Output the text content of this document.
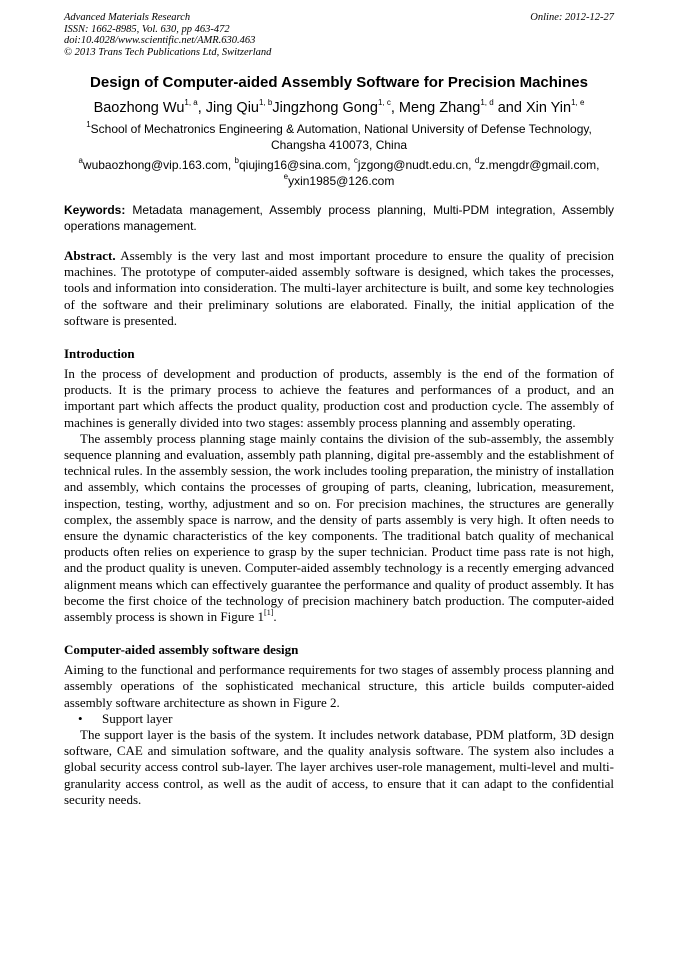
Advanced Materials Research
ISSN: 1662-8985, Vol. 630, pp 463-472
doi:10.4028/www.scientific.net/AMR.630.463
© 2013 Trans Tech Publications Ltd, Switzerland
Online: 2012-12-27
Design of Computer-aided Assembly Software for Precision Machines
Baozhong Wu$^{1, a}$, Jing Qiu$^{1, b}$Jingzhong Gong$^{1, c}$, Meng Zhang$^{1, d}$ and Xin Yin$^{1, e}$
$^1$School of Mechatronics Engineering & Automation, National University of Defense Technology, Changsha 410073, China
$^a$wubaozhong@vip.163.com, $^b$qiujing16@sina.com, $^c$jzgong@nudt.edu.cn, $^d$z.mengdr@gmail.com,
$^e$yxin1985@126.com
Keywords: Metadata management, Assembly process planning, Multi-PDM integration, Assembly operations management.
Abstract. Assembly is the very last and most important procedure to ensure the quality of precision machines. The prototype of computer-aided assembly software is designed, which takes the processes, tools and information into consideration. The multi-layer architecture is built, and some key technologies of the software and their preliminary solutions are elaborated. Finally, the initial application of the software is presented.
Introduction
In the process of development and production of products, assembly is the end of the formation of products. It is the primary process to achieve the features and performances of a product, and an important part which affects the product quality, production cost and production cycle. The assembly of machines is generally divided into two stages: assembly process planning and assembly operating.
The assembly process planning stage mainly contains the division of the sub-assembly, the assembly sequence planning and evaluation, assembly path planning, digital pre-assembly and the establishment of technical rules. In the assembly session, the work includes tooling preparation, the ministry of installation and assembly, which contains the processes of grouping of parts, cleaning, lubrication, measurement, inspection, testing, worthy, adjustment and so on. For precision machines, the structures are generally complex, the assembly space is narrow, and the density of parts assembly is very high. It often needs to ensure the dynamic characteristics of the key components. The traditional batch quality of mechanical products often relies on experience to grasp by the super technician. Product time pass rate is not high, and the product quality is uneven. Computer-aided assembly technology is a recently emerging advanced alignment means which can effectively guarantee the performance and quality of product assembly. It has become the first choice of the technology of precision machinery batch production. The computer-aided assembly process is shown in Figure 1[1].
Computer-aided assembly software design
Aiming to the functional and performance requirements for two stages of assembly process planning and assembly operations of the sophisticated mechanical structure, this article builds computer-aided assembly software architecture as shown in Figure 2.
• Support layer
The support layer is the basis of the system. It includes network database, PDM platform, 3D design software, CAE and simulation software, and the quality analysis software. The system also includes a global security access control sub-layer. The layer archives user-role management, multi-level and multi-granularity access control, as well as the audit of access, to ensure that it can adapt to the confidential security needs.
